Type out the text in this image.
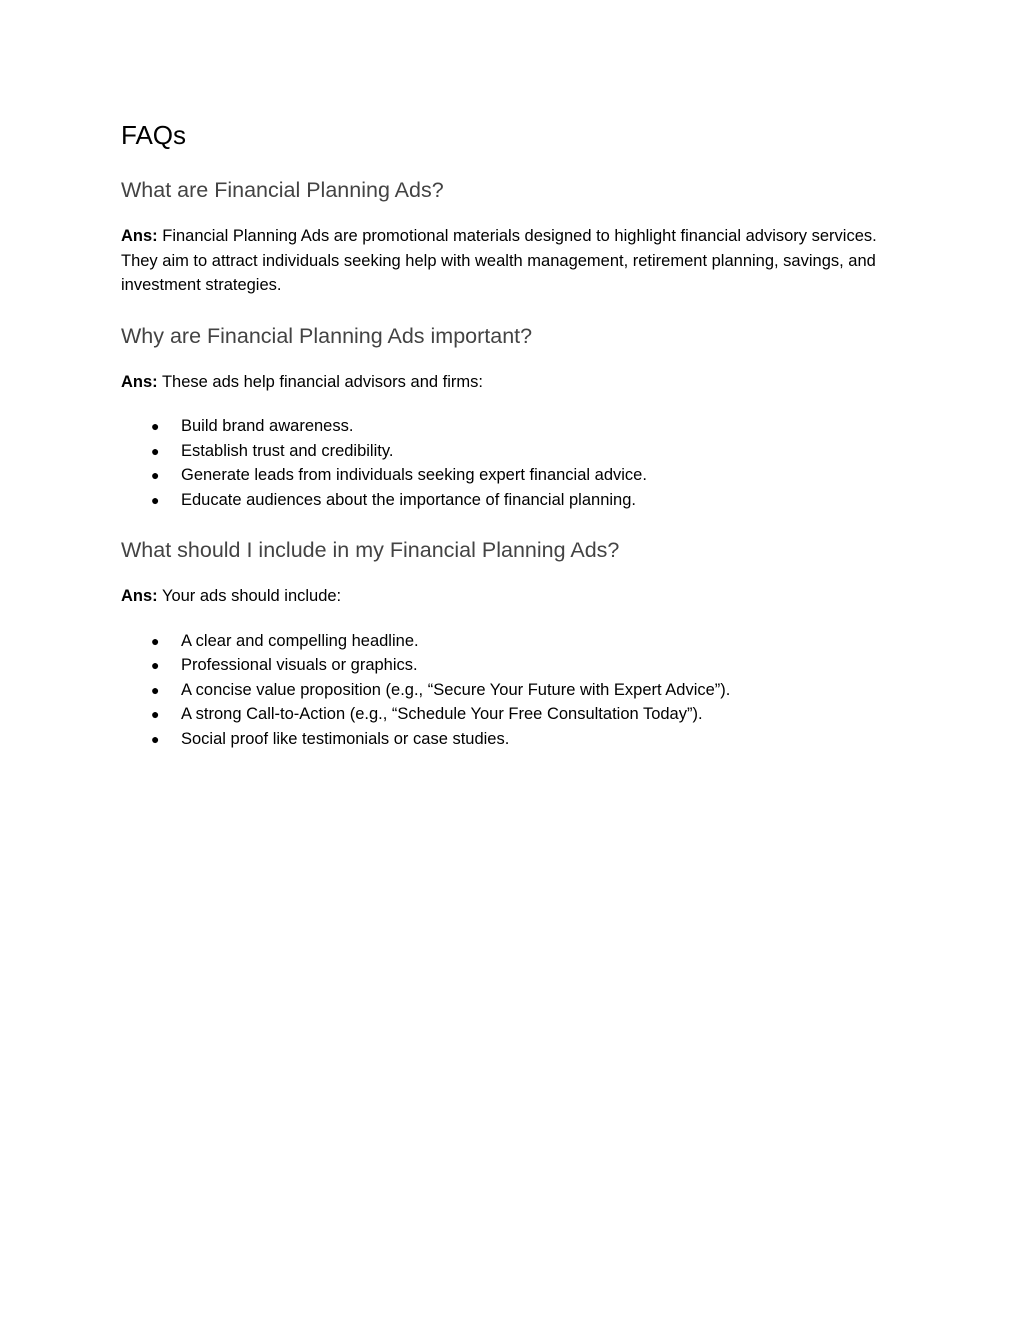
FAQs
What are Financial Planning Ads?

Ans: Financial Planning Ads are promotional materials designed to highlight financial advisory services. They aim to attract individuals seeking help with wealth management, retirement planning, savings, and investment strategies.

Why are Financial Planning Ads important?

Ans: These ads help financial advisors and firms:

● Build brand awareness.
● Establish trust and credibility.
● Generate leads from individuals seeking expert financial advice.
● Educate audiences about the importance of financial planning.
What should I include in my Financial Planning Ads?

Ans: Your ads should include:

● A clear and compelling headline.
● Professional visuals or graphics.
● A concise value proposition (e.g., “Secure Your Future with Expert Advice”).
● A strong Call-to-Action (e.g., “Schedule Your Free Consultation Today”).
● Social proof like testimonials or case studies.
